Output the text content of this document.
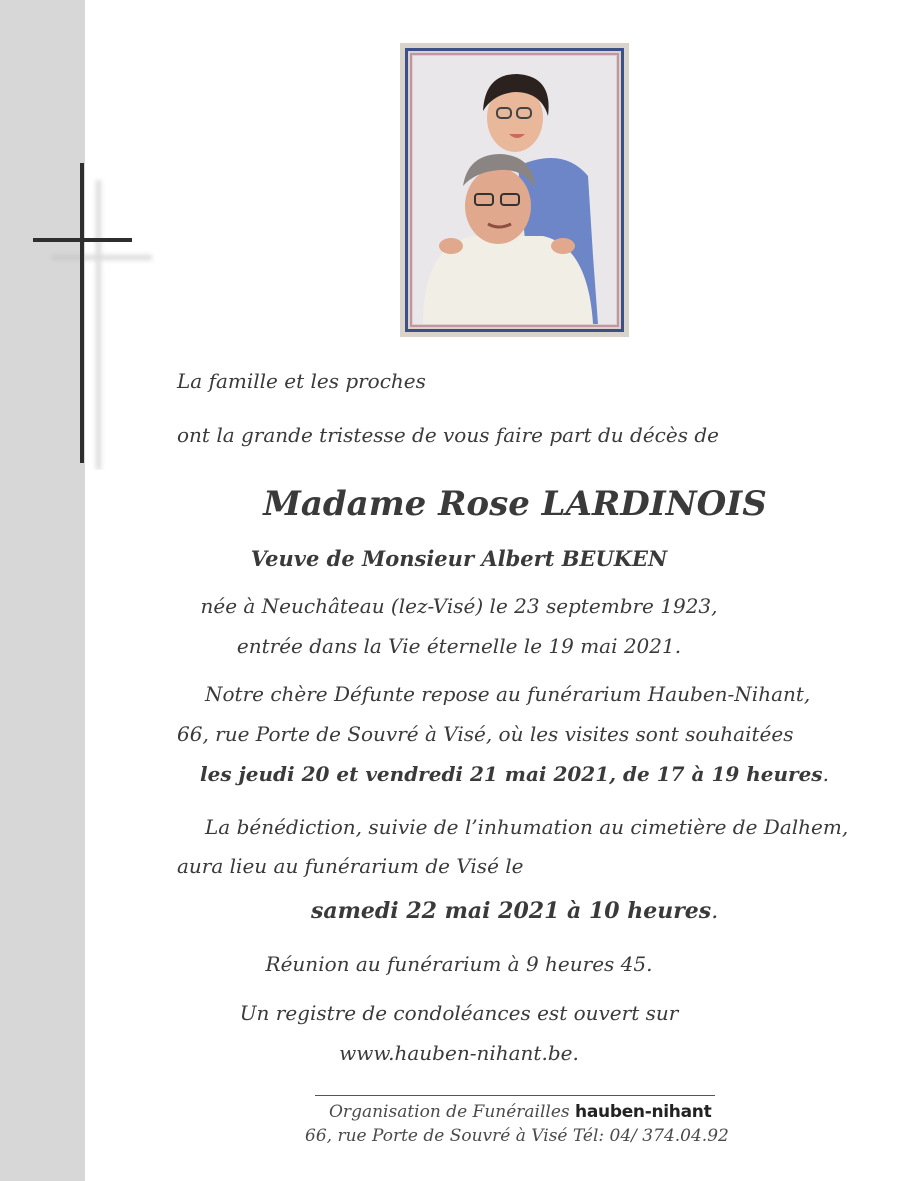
La famille et les proches
ont la grande tristesse de vous faire part du décès de
Madame Rose LARDINOIS
Veuve de Monsieur Albert BEUKEN
née à Neuchâteau (lez-Visé) le 23 septembre 1923,
entrée dans la Vie éternelle le 19 mai 2021.
Notre chère Défunte repose au funérarium Hauben-Nihant,
66, rue Porte de Souvré à Visé, où les visites sont souhaitées
les jeudi 20 et vendredi 21 mai 2021, de 17 à 19 heures.
La bénédiction, suivie de l’inhumation au cimetière de Dalhem,
aura lieu au funérarium de Visé le
samedi 22 mai 2021 à 10 heures.
Réunion au funérarium à 9 heures 45.
Un registre de condoléances est ouvert sur
www.hauben-nihant.be.
Organisation de Funérailles hauben-nihant
66, rue Porte de Souvré à Visé Tél: 04/ 374.04.92
